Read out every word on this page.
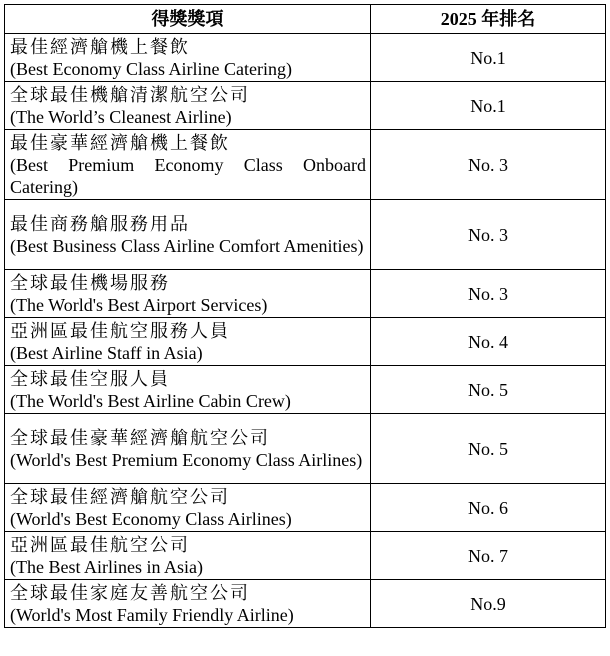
得獎獎項	2025 年排名

最佳經濟艙機上餐飲
(Best Economy Class Airline Catering)	No.1

全球最佳機艙清潔航空公司
(The World’s Cleanest Airline)	No.1

最佳豪華經濟艙機上餐飲
(Best Premium Economy Class Onboard Catering)	No. 3

最佳商務艙服務用品
(Best Business Class Airline Comfort Amenities)	No. 3

全球最佳機場服務
(The World's Best Airport Services)	No. 3

亞洲區最佳航空服務人員
(Best Airline Staff in Asia)	No. 4

全球最佳空服人員
(The World's Best Airline Cabin Crew)	No. 5

全球最佳豪華經濟艙航空公司
(World's Best Premium Economy Class Airlines)	No. 5

全球最佳經濟艙航空公司
(World's Best Economy Class Airlines)	No. 6

亞洲區最佳航空公司
(The Best Airlines in Asia)	No. 7

全球最佳家庭友善航空公司
(World's Most Family Friendly Airline)	No.9
